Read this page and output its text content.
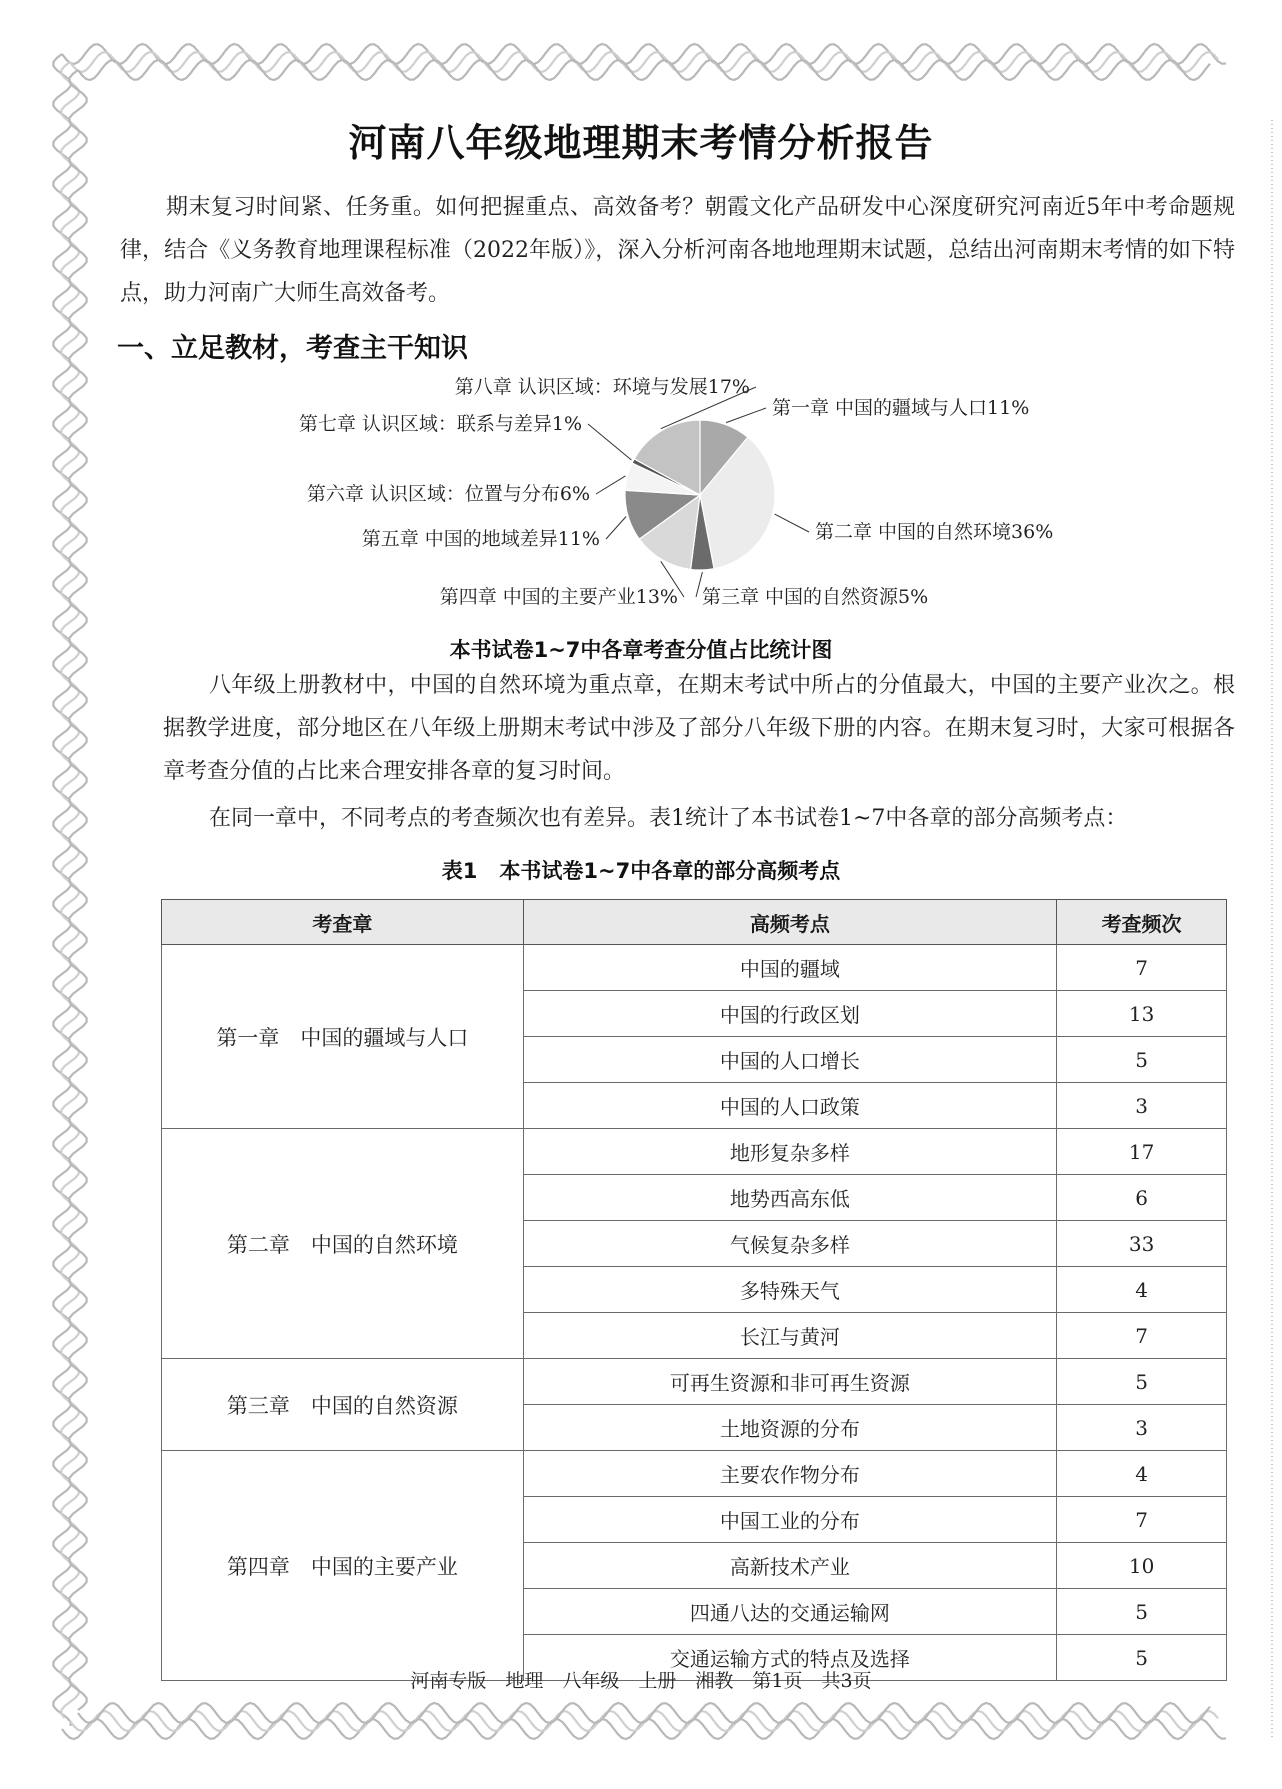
河南八年级地理期末考情分析报告

期末复习时间紧、任务重。如何把握重点、高效备考？朝霞文化产品研发中心深度研究河南近5年中考命题规律，结合《义务教育地理课程标准（2022年版）》，深入分析河南各地地理期末试题，总结出河南期末考情的如下特点，助力河南广大师生高效备考。

一、立足教材，考查主干知识
第一章 中国的疆域与人口11%
第二章 中国的自然环境36%
第三章 中国的自然资源5%
第四章 中国的主要产业13%
第五章 中国的地域差异11%
第六章 认识区域：位置与分布6%
第七章 认识区域：联系与差异1%
第八章 认识区域：环境与发展17%
本书试卷1~7中各章考查分值占比统计图

八年级上册教材中，中国的自然环境为重点章，在期末考试中所占的分值最大，中国的主要产业次之。根据教学进度，部分地区在八年级上册期末考试中涉及了部分八年级下册的内容。在期末复习时，大家可根据各章考查分值的占比来合理安排各章的复习时间。

在同一章中，不同考点的考查频次也有差异。表1统计了本书试卷1~7中各章的部分高频考点：

表1 本书试卷1~7中各章的部分高频考点
考查章	高频考点	考查频次
第一章　中国的疆域与人口	中国的疆域	7
	中国的行政区划	13
	中国的人口增长	5
	中国的人口政策	3
第二章　中国的自然环境	地形复杂多样	17
	地势西高东低	6
	气候复杂多样	33
	多特殊天气	4
	长江与黄河	7
第三章　中国的自然资源	可再生资源和非可再生资源	5
	土地资源的分布	3
第四章　中国的主要产业	主要农作物分布	4
	中国工业的分布	7
	高新技术产业	10
	四通八达的交通运输网	5
	交通运输方式的特点及选择	5
河南专版　地理　八年级　上册　湘教　第1页　共3页
